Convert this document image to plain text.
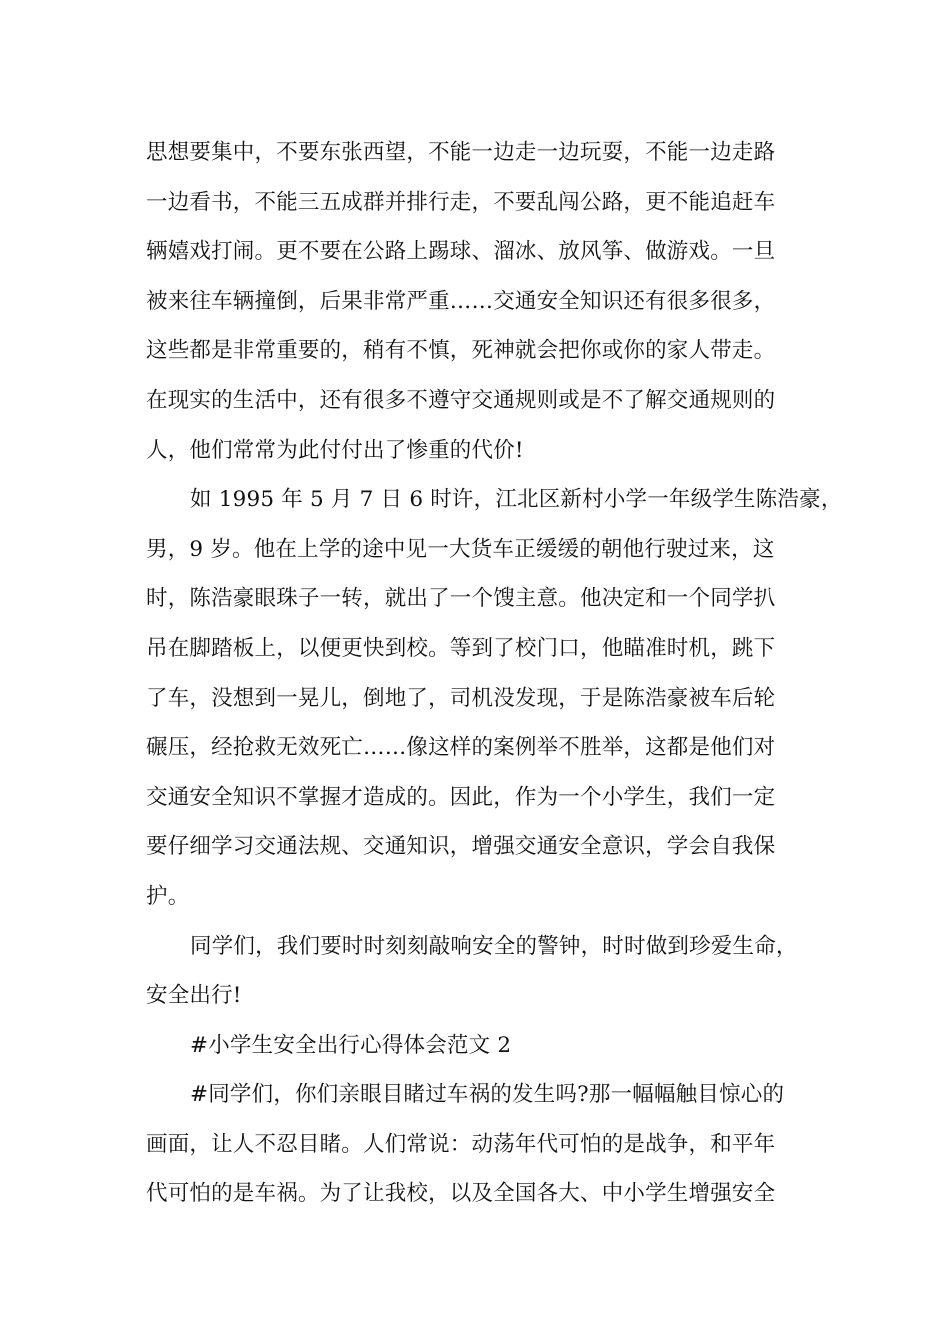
思想要集中，不要东张西望，不能一边走一边玩耍，不能一边走路
一边看书，不能三五成群并排行走，不要乱闯公路，更不能追赶车
辆嬉戏打闹。更不要在公路上踢球、溜冰、放风筝、做游戏。一旦
被来往车辆撞倒，后果非常严重……交通安全知识还有很多很多，
这些都是非常重要的，稍有不慎，死神就会把你或你的家人带走。
在现实的生活中，还有很多不遵守交通规则或是不了解交通规则的
人，他们常常为此付付出了惨重的代价!
如 1995 年 5 月 7 日 6 时许，江北区新村小学一年级学生陈浩豪，
男，9 岁。他在上学的途中见一大货车正缓缓的朝他行驶过来，这
时，陈浩豪眼珠子一转，就出了一个馊主意。他决定和一个同学扒
吊在脚踏板上，以便更快到校。等到了校门口，他瞄准时机，跳下
了车，没想到一晃儿，倒地了，司机没发现，于是陈浩豪被车后轮
碾压，经抢救无效死亡……像这样的案例举不胜举，这都是他们对
交通安全知识不掌握才造成的。因此，作为一个小学生，我们一定
要仔细学习交通法规、交通知识，增强交通安全意识，学会自我保
护。
同学们，我们要时时刻刻敲响安全的警钟，时时做到珍爱生命，
安全出行!
#小学生安全出行心得体会范文 2
#同学们，你们亲眼目睹过车祸的发生吗?那一幅幅触目惊心的
画面，让人不忍目睹。人们常说：动荡年代可怕的是战争，和平年
代可怕的是车祸。为了让我校，以及全国各大、中小学生增强安全
